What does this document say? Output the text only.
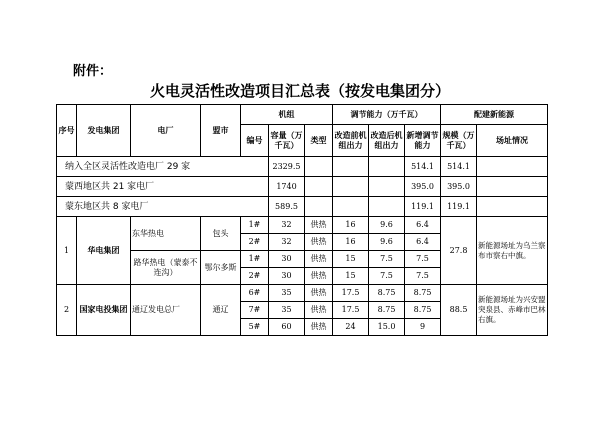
附件：
火电灵活性改造项目汇总表（按发电集团分）
序号	发电集团	电厂	盟市	机组			调节能力（万千瓦）			配建新能源	
				编号	容量（万千瓦）	类型	改造前机组出力	改造后机组出力	新增调节能力	规模（万千瓦）	场址情况
纳入全区灵活性改造电厂 29 家					2329.5				514.1	514.1	
蒙西地区共 21 家电厂					1740				395.0	395.0	
蒙东地区共 8 家电厂					589.5				119.1	119.1	
1	华电集团	东华热电	包头	1#	32	供热	16	9.6	6.4	27.8	新能源场址为乌兰察布市察右中旗。
				2#	32	供热	16	9.6	6.4		
		路华热电（蒙泰不连沟）	鄂尔多斯	1#	30	供热	15	7.5	7.5		
				2#	30	供热	15	7.5	7.5		
2	国家电投集团	通辽发电总厂	通辽	6#	35	供热	17.5	8.75	8.75	88.5	新能源场址为兴安盟突泉县、赤峰市巴林右旗。
				7#	35	供热	17.5	8.75	8.75		
				5#	60	供热	24	15.0	9		
